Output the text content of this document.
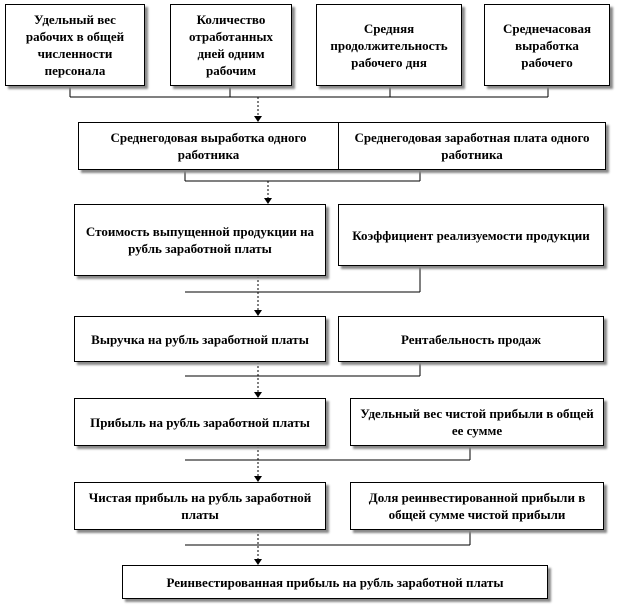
Удельный вес рабочих в общей численности персонала
Количество отработанных дней одним рабочим
Средняя продолжительность рабочего дня
Среднечасовая выработка рабочего
Среднегодовая выработка одного работника
Среднегодовая заработная плата одного работника
Стоимость выпущенной продукции на рубль заработной платы
Коэффициент реализуемости продукции
Выручка на рубль заработной платы	Рентабельность продаж
Прибыль на рубль заработной платы
Удельный вес чистой прибыли в общей ее сумме
Чистая прибыль на рубль заработной платы
Доля реинвестированной прибыли в общей сумме чистой прибыли
Реинвестированная прибыль на рубль заработной платы
